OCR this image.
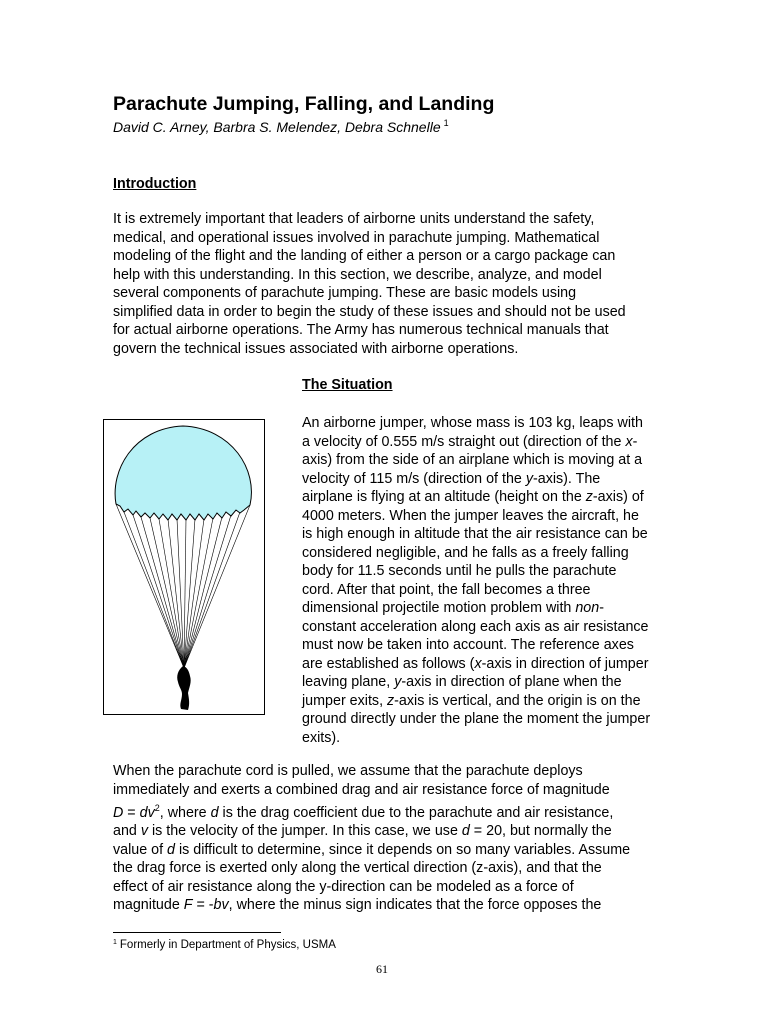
Parachute Jumping, Falling, and Landing
David C. Arney, Barbra S. Melendez, Debra Schnelle $^1$
Introduction
It is extremely important that leaders of airborne units understand the safety,
medical, and operational issues involved in parachute jumping. Mathematical
modeling of the flight and the landing of either a person or a cargo package can
help with this understanding. In this section, we describe, analyze, and model
several components of parachute jumping. These are basic models using
simplified data in order to begin the study of these issues and should not be used
for actual airborne operations. The Army has numerous technical manuals that
govern the technical issues associated with airborne operations.
The Situation
An airborne jumper, whose mass is 103 kg, leaps with
a velocity of 0.555 m/s straight out (direction of the x-
axis) from the side of an airplane which is moving at a
velocity of 115 m/s (direction of the y-axis). The
airplane is flying at an altitude (height on the z-axis) of
4000 meters. When the jumper leaves the aircraft, he
is high enough in altitude that the air resistance can be
considered negligible, and he falls as a freely falling
body for 11.5 seconds until he pulls the parachute
cord. After that point, the fall becomes a three
dimensional projectile motion problem with non-
constant acceleration along each axis as air resistance
must now be taken into account. The reference axes
are established as follows (x-axis in direction of jumper
leaving plane, y-axis in direction of plane when the
jumper exits, z-axis is vertical, and the origin is on the
ground directly under the plane the moment the jumper
exits).
When the parachute cord is pulled, we assume that the parachute deploys
immediately and exerts a combined drag and air resistance force of magnitude
$D = dv^2$, where d is the drag coefficient due to the parachute and air resistance,
and v is the velocity of the jumper. In this case, we use d = 20, but normally the
value of d is difficult to determine, since it depends on so many variables. Assume
the drag force is exerted only along the vertical direction (z-axis), and that the
effect of air resistance along the y-direction can be modeled as a force of
magnitude F = -bv, where the minus sign indicates that the force opposes the
$^1$ Formerly in Department of Physics, USMA
61
